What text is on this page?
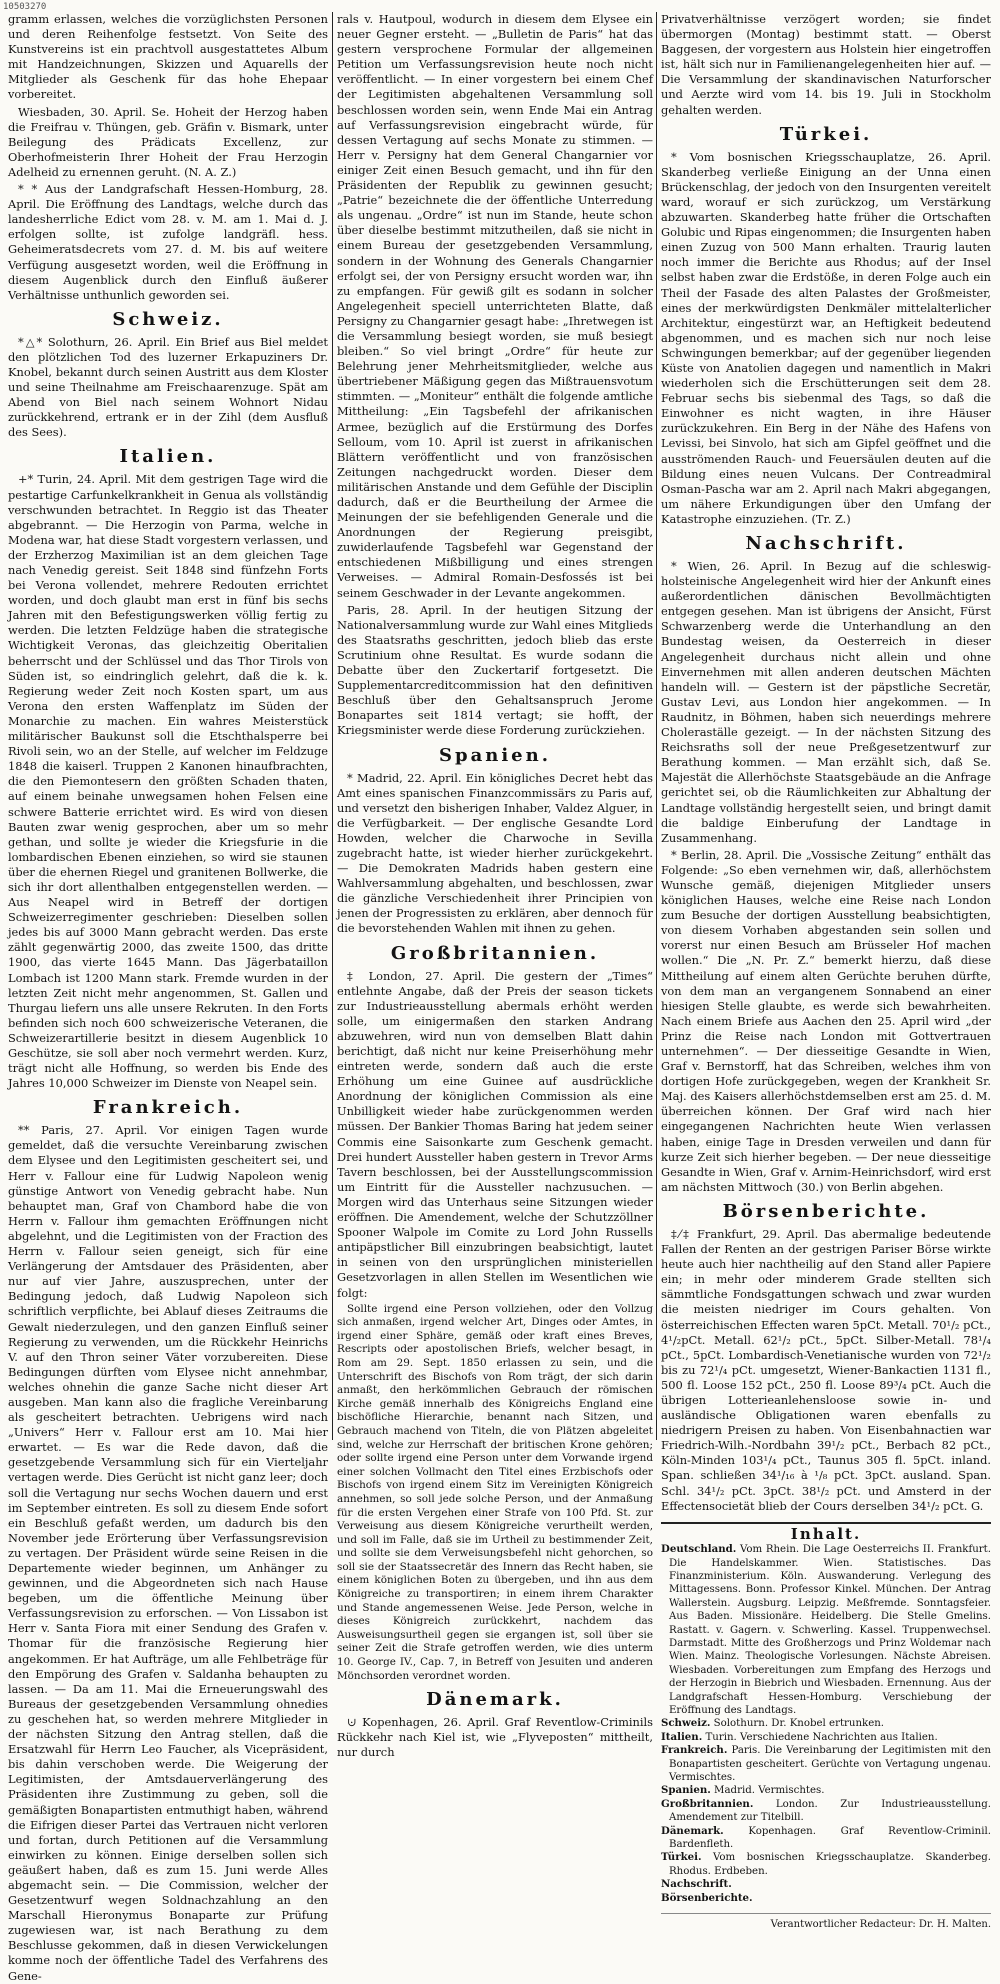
10503270

gramm erlassen, welches die vorzüglichsten Personen und deren Reihenfolge festsetzt. Von Seite des Kunstvereins ist ein prachtvoll ausgestattetes Album mit Handzeichnungen, Skizzen und Aquarells der Mitglieder als Geschenk für das hohe Ehepaar vorbereitet.

Wiesbaden, 30. April. Se. Hoheit der Herzog haben die Freifrau v. Thüngen, geb. Gräfin v. Bismark, unter Beilegung des Prädicats Excellenz, zur Oberhofmeisterin Ihrer Hoheit der Frau Herzogin Adelheid zu ernennen geruht. (N. A. Z.)

* * Aus der Landgrafschaft Hessen-Homburg, 28. April. Die Eröffnung des Landtags, welche durch das landesherrliche Edict vom 28. v. M. am 1. Mai d. J. erfolgen sollte, ist zufolge landgräfl. hess. Geheimeratsdecrets vom 27. d. M. bis auf weitere Verfügung ausgesetzt worden, weil die Eröffnung in diesem Augenblick durch den Einfluß äußerer Verhältnisse unthunlich geworden sei.

Schweiz.

*△* Solothurn, 26. April. Ein Brief aus Biel meldet den plötzlichen Tod des luzerner Erkapuziners Dr. Knobel, bekannt durch seinen Austritt aus dem Kloster und seine Theilnahme am Freischaarenzuge. Spät am Abend von Biel nach seinem Wohnort Nidau zurückkehrend, ertrank er in der Zihl (dem Ausfluß des Sees).

Italien.

+* Turin, 24. April. Mit dem gestrigen Tage wird die pestartige Carfunkelkrankheit in Genua als vollständig verschwunden betrachtet. In Reggio ist das Theater abgebrannt. — Die Herzogin von Parma, welche in Modena war, hat diese Stadt vorgestern verlassen, und der Erzherzog Maximilian ist an dem gleichen Tage nach Venedig gereist. Seit 1848 sind fünfzehn Forts bei Verona vollendet, mehrere Redouten errichtet worden, und doch glaubt man erst in fünf bis sechs Jahren mit den Befestigungswerken völlig fertig zu werden. Die letzten Feldzüge haben die strategische Wichtigkeit Veronas, das gleichzeitig Oberitalien beherrscht und der Schlüssel und das Thor Tirols von Süden ist, so eindringlich gelehrt, daß die k. k. Regierung weder Zeit noch Kosten spart, um aus Verona den ersten Waffenplatz im Süden der Monarchie zu machen. Ein wahres Meisterstück militärischer Baukunst soll die Etschthalsperre bei Rivoli sein, wo an der Stelle, auf welcher im Feldzuge 1848 die kaiserl. Truppen 2 Kanonen hinaufbrachten, die den Piemontesern den größten Schaden thaten, auf einem beinahe unwegsamen hohen Felsen eine schwere Batterie errichtet wird. Es wird von diesen Bauten zwar wenig gesprochen, aber um so mehr gethan, und sollte je wieder die Kriegsfurie in die lombardischen Ebenen einziehen, so wird sie staunen über die ehernen Riegel und granitenen Bollwerke, die sich ihr dort allenthalben entgegenstellen werden. — Aus Neapel wird in Betreff der dortigen Schweizerregimenter geschrieben: Dieselben sollen jedes bis auf 3000 Mann gebracht werden. Das erste zählt gegenwärtig 2000, das zweite 1500, das dritte 1900, das vierte 1645 Mann. Das Jägerbataillon Lombach ist 1200 Mann stark. Fremde wurden in der letzten Zeit nicht mehr angenommen, St. Gallen und Thurgau liefern uns alle unsere Rekruten. In den Forts befinden sich noch 600 schweizerische Veteranen, die Schweizerartillerie besitzt in diesem Augenblick 10 Geschütze, sie soll aber noch vermehrt werden. Kurz, trägt nicht alle Hoffnung, so werden bis Ende des Jahres 10,000 Schweizer im Dienste von Neapel sein.

Frankreich.

** Paris, 27. April. Vor einigen Tagen wurde gemeldet, daß die versuchte Vereinbarung zwischen dem Elysee und den Legitimisten gescheitert sei, und Herr v. Fallour eine für Ludwig Napoleon wenig günstige Antwort von Venedig gebracht habe. Nun behauptet man, Graf von Chambord habe die von Herrn v. Fallour ihm gemachten Eröffnungen nicht abgelehnt, und die Legitimisten von der Fraction des Herrn v. Fallour seien geneigt, sich für eine Verlängerung der Amtsdauer des Präsidenten, aber nur auf vier Jahre, auszusprechen, unter der Bedingung jedoch, daß Ludwig Napoleon sich schriftlich verpflichte, bei Ablauf dieses Zeitraums die Gewalt niederzulegen, und den ganzen Einfluß seiner Regierung zu verwenden, um die Rückkehr Heinrichs V. auf den Thron seiner Väter vorzubereiten. Diese Bedingungen dürften vom Elysee nicht annehmbar, welches ohnehin die ganze Sache nicht dieser Art ausgeben. Man kann also die fragliche Vereinbarung als gescheitert betrachten. Uebrigens wird nach „Univers“ Herr v. Fallour erst am 10. Mai hier erwartet. — Es war die Rede davon, daß die gesetzgebende Versammlung sich für ein Vierteljahr vertagen werde. Dies Gerücht ist nicht ganz leer; doch soll die Vertagung nur sechs Wochen dauern und erst im September eintreten. Es soll zu diesem Ende sofort ein Beschluß gefaßt werden, um dadurch bis den November jede Erörterung über Verfassungsrevision zu vertagen. Der Präsident würde seine Reisen in die Departemente wieder beginnen, um Anhänger zu gewinnen, und die Abgeordneten sich nach Hause begeben, um die öffentliche Meinung über Verfassungsrevision zu erforschen. — Von Lissabon ist Herr v. Santa Fiora mit einer Sendung des Grafen v. Thomar für die französische Regierung hier angekommen. Er hat Aufträge, um alle Fehlbeträge für den Empörung des Grafen v. Saldanha behaupten zu lassen. — Da am 11. Mai die Erneuerungswahl des Bureaus der gesetzgebenden Versammlung ohnedies zu geschehen hat, so werden mehrere Mitglieder in der nächsten Sitzung den Antrag stellen, daß die Ersatzwahl für Herrn Leo Faucher, als Vicepräsident, bis dahin verschoben werde. Die Weigerung der Legitimisten, der Amtsdauerverlängerung des Präsidenten ihre Zustimmung zu geben, soll die gemäßigten Bonapartisten entmuthigt haben, während die Eifrigen dieser Partei das Vertrauen nicht verloren und fortan, durch Petitionen auf die Versammlung einwirken zu können. Einige derselben sollen sich geäußert haben, daß es zum 15. Juni werde Alles abgemacht sein. — Die Commission, welcher der Gesetzentwurf wegen Soldnachzahlung an den Marschall Hieronymus Bonaparte zur Prüfung zugewiesen war, ist nach Berathung zu dem Beschlusse gekommen, daß in diesen Verwickelungen komme noch der öffentliche Tadel des Verfahrens des Gene-

rals v. Hautpoul, wodurch in diesem dem Elysee ein neuer Gegner ersteht. — „Bulletin de Paris“ hat das gestern versprochene Formular der allgemeinen Petition um Verfassungsrevision heute noch nicht veröffentlicht. — In einer vorgestern bei einem Chef der Legitimisten abgehaltenen Versammlung soll beschlossen worden sein, wenn Ende Mai ein Antrag auf Verfassungsrevision eingebracht würde, für dessen Vertagung auf sechs Monate zu stimmen. — Herr v. Persigny hat dem General Changarnier vor einiger Zeit einen Besuch gemacht, und ihn für den Präsidenten der Republik zu gewinnen gesucht; „Patrie“ bezeichnete die der öffentliche Unterredung als ungenau. „Ordre“ ist nun im Stande, heute schon über dieselbe bestimmt mitzutheilen, daß sie nicht in einem Bureau der gesetzgebenden Versammlung, sondern in der Wohnung des Generals Changarnier erfolgt sei, der von Persigny ersucht worden war, ihn zu empfangen. Für gewiß gilt es sodann in solcher Angelegenheit speciell unterrichteten Blatte, daß Persigny zu Changarnier gesagt habe: „Ihretwegen ist die Versammlung besiegt worden, sie muß besiegt bleiben.“ So viel bringt „Ordre“ für heute zur Belehrung jener Mehrheitsmitglieder, welche aus übertriebener Mäßigung gegen das Mißtrauensvotum stimmten. — „Moniteur“ enthält die folgende amtliche Mittheilung: „Ein Tagsbefehl der afrikanischen Armee, bezüglich auf die Erstürmung des Dorfes Selloum, vom 10. April ist zuerst in afrikanischen Blättern veröffentlicht und von französischen Zeitungen nachgedruckt worden. Dieser dem militärischen Anstande und dem Gefühle der Disciplin dadurch, daß er die Beurtheilung der Armee die Meinungen der sie befehligenden Generale und die Anordnungen der Regierung preisgibt, zuwiderlaufende Tagsbefehl war Gegenstand der entschiedenen Mißbilligung und eines strengen Verweises. — Admiral Romain-Desfossés ist bei seinem Geschwader in der Levante angekommen.

Paris, 28. April. In der heutigen Sitzung der Nationalversammlung wurde zur Wahl eines Mitglieds des Staatsraths geschritten, jedoch blieb das erste Scrutinium ohne Resultat. Es wurde sodann die Debatte über den Zuckertarif fortgesetzt. Die Supplementarcreditcommission hat den definitiven Beschluß über den Gehaltsanspruch Jerome Bonapartes seit 1814 vertagt; sie hofft, der Kriegsminister werde diese Forderung zurückziehen.

Spanien.

* Madrid, 22. April. Ein königliches Decret hebt das Amt eines spanischen Finanzcommissärs zu Paris auf, und versetzt den bisherigen Inhaber, Valdez Alguer, in die Verfügbarkeit. — Der englische Gesandte Lord Howden, welcher die Charwoche in Sevilla zugebracht hatte, ist wieder hierher zurückgekehrt. — Die Demokraten Madrids haben gestern eine Wahlversammlung abgehalten, und beschlossen, zwar die gänzliche Verschiedenheit ihrer Principien von jenen der Progressisten zu erklären, aber dennoch für die bevorstehenden Wahlen mit ihnen zu gehen.

Großbritannien.

‡ London, 27. April. Die gestern der „Times“ entlehnte Angabe, daß der Preis der season tickets zur Industrieausstellung abermals erhöht werden solle, um einigermaßen den starken Andrang abzuwehren, wird nun von demselben Blatt dahin berichtigt, daß nicht nur keine Preiserhöhung mehr eintreten werde, sondern daß auch die erste Erhöhung um eine Guinee auf ausdrückliche Anordnung der königlichen Commission als eine Unbilligkeit wieder habe zurückgenommen werden müssen. Der Bankier Thomas Baring hat jedem seiner Commis eine Saisonkarte zum Geschenk gemacht. Drei hundert Aussteller haben gestern in Trevor Arms Tavern beschlossen, bei der Ausstellungscommission um Eintritt für die Aussteller nachzusuchen. — Morgen wird das Unterhaus seine Sitzungen wieder eröffnen. Die Amendement, welche der Schutzzöllner Spooner Walpole im Comite zu Lord John Russells antipäpstlicher Bill einzubringen beabsichtigt, lautet in seinen von den ursprünglichen ministeriellen Gesetzvorlagen in allen Stellen im Wesentlichen wie folgt:

Sollte irgend eine Person vollziehen, oder den Vollzug sich anmaßen, irgend welcher Art, Dinges oder Amtes, in irgend einer Sphäre, gemäß oder kraft eines Breves, Rescripts oder apostolischen Briefs, welcher besagt, in Rom am 29. Sept. 1850 erlassen zu sein, und die Unterschrift des Bischofs von Rom trägt, der sich darin anmaßt, den herkömmlichen Gebrauch der römischen Kirche gemäß innerhalb des Königreichs England eine bischöfliche Hierarchie, benannt nach Sitzen, und Gebrauch machend von Titeln, die von Plätzen abgeleitet sind, welche zur Herrschaft der britischen Krone gehören; oder sollte irgend eine Person unter dem Vorwande irgend einer solchen Vollmacht den Titel eines Erzbischofs oder Bischofs von irgend einem Sitz im Vereinigten Königreich annehmen, so soll jede solche Person, und der Anmaßung für die ersten Vergehen einer Strafe von 100 Pfd. St. zur Verweisung aus diesem Königreiche verurtheilt werden, und soll im Falle, daß sie im Urtheil zu bestimmender Zeit, und sollte sie dem Verweisungsbefehl nicht gehorchen, so soll sie der Staatssecretär des Innern das Recht haben, sie einem königlichen Boten zu übergeben, und ihn aus dem Königreiche zu transportiren; in einem ihrem Charakter und Stande angemessenen Weise. Jede Person, welche in dieses Königreich zurückkehrt, nachdem das Ausweisungsurtheil gegen sie ergangen ist, soll über sie seiner Zeit die Strafe getroffen werden, wie dies unterm 10. George IV., Cap. 7, in Betreff von Jesuiten und anderen Mönchsorden verordnet worden.

Dänemark.

⊍ Kopenhagen, 26. April. Graf Reventlow-Criminils Rückkehr nach Kiel ist, wie „Flyveposten“ mittheilt, nur durch

Privatverhältnisse verzögert worden; sie findet übermorgen (Montag) bestimmt statt. — Oberst Baggesen, der vorgestern aus Holstein hier eingetroffen ist, hält sich nur in Familienangelegenheiten hier auf. — Die Versammlung der skandinavischen Naturforscher und Aerzte wird vom 14. bis 19. Juli in Stockholm gehalten werden.

Türkei.

* Vom bosnischen Kriegsschauplatze, 26. April. Skanderbeg verließe Einigung an der Unna einen Brückenschlag, der jedoch von den Insurgenten vereitelt ward, worauf er sich zurückzog, um Verstärkung abzuwarten. Skanderbeg hatte früher die Ortschaften Golubic und Ripas eingenommen; die Insurgenten haben einen Zuzug von 500 Mann erhalten. Traurig lauten noch immer die Berichte aus Rhodus; auf der Insel selbst haben zwar die Erdstöße, in deren Folge auch ein Theil der Fasade des alten Palastes der Großmeister, eines der merkwürdigsten Denkmäler mittelalterlicher Architektur, eingestürzt war, an Heftigkeit bedeutend abgenommen, und es machen sich nur noch leise Schwingungen bemerkbar; auf der gegenüber liegenden Küste von Anatolien dagegen und namentlich in Makri wiederholen sich die Erschütterungen seit dem 28. Februar sechs bis siebenmal des Tags, so daß die Einwohner es nicht wagten, in ihre Häuser zurückzukehren. Ein Berg in der Nähe des Hafens von Levissi, bei Sinvolo, hat sich am Gipfel geöffnet und die ausströmenden Rauch- und Feuersäulen deuten auf die Bildung eines neuen Vulcans. Der Contreadmiral Osman-Pascha war am 2. April nach Makri abgegangen, um nähere Erkundigungen über den Umfang der Katastrophe einzuziehen. (Tr. Z.)

Nachschrift.

* Wien, 26. April. In Bezug auf die schleswig-holsteinische Angelegenheit wird hier der Ankunft eines außerordentlichen dänischen Bevollmächtigten entgegen gesehen. Man ist übrigens der Ansicht, Fürst Schwarzenberg werde die Unterhandlung an den Bundestag weisen, da Oesterreich in dieser Angelegenheit durchaus nicht allein und ohne Einvernehmen mit allen anderen deutschen Mächten handeln will. — Gestern ist der päpstliche Secretär, Gustav Levi, aus London hier angekommen. — In Raudnitz, in Böhmen, haben sich neuerdings mehrere Choleraställe gezeigt. — In der nächsten Sitzung des Reichsraths soll der neue Preßgesetzentwurf zur Berathung kommen. — Man erzählt sich, daß Se. Majestät die Allerhöchste Staatsgebäude an die Anfrage gerichtet sei, ob die Räumlichkeiten zur Abhaltung der Landtage vollständig hergestellt seien, und bringt damit die baldige Einberufung der Landtage in Zusammenhang.

* Berlin, 28. April. Die „Vossische Zeitung“ enthält das Folgende: „So eben vernehmen wir, daß, allerhöchstem Wunsche gemäß, diejenigen Mitglieder unsers königlichen Hauses, welche eine Reise nach London zum Besuche der dortigen Ausstellung beabsichtigten, von diesem Vorhaben abgestanden sein sollen und vorerst nur einen Besuch am Brüsseler Hof machen wollen.“ Die „N. Pr. Z.“ bemerkt hierzu, daß diese Mittheilung auf einem alten Gerüchte beruhen dürfte, von dem man an vergangenem Sonnabend an einer hiesigen Stelle glaubte, es werde sich bewahrheiten. Nach einem Briefe aus Aachen den 25. April wird „der Prinz die Reise nach London mit Gottvertrauen unternehmen“. — Der diesseitige Gesandte in Wien, Graf v. Bernstorff, hat das Schreiben, welches ihm von dortigen Hofe zurückgegeben, wegen der Krankheit Sr. Maj. des Kaisers allerhöchstdemselben erst am 25. d. M. überreichen können. Der Graf wird nach hier eingegangenen Nachrichten heute Wien verlassen haben, einige Tage in Dresden verweilen und dann für kurze Zeit sich hierher begeben. — Der neue diesseitige Gesandte in Wien, Graf v. Arnim-Heinrichsdorf, wird erst am nächsten Mittwoch (30.) von Berlin abgehen.

Börsenberichte.

‡⁄‡ Frankfurt, 29. April. Das abermalige bedeutende Fallen der Renten an der gestrigen Pariser Börse wirkte heute auch hier nachtheilig auf den Stand aller Papiere ein; in mehr oder minderem Grade stellten sich sämmtliche Fondsgattungen schwach und zwar wurden die meisten niedriger im Cours gehalten. Von österreichischen Effecten waren 5pCt. Metall. 70¹/₂ pCt., 4¹/₂pCt. Metall. 62¹/₂ pCt., 5pCt. Silber-Metall. 78¹/₄ pCt., 5pCt. Lombardisch-Venetianische wurden von 72¹/₂ bis zu 72¹/₄ pCt. umgesetzt, Wiener-Bankactien 1131 fl., 500 fl. Loose 152 pCt., 250 fl. Loose 89³/₄ pCt. Auch die übrigen Lotterieanlehensloose sowie in- und ausländische Obligationen waren ebenfalls zu niedrigern Preisen zu haben. Von Eisenbahnactien war Friedrich-Wilh.-Nordbahn 39¹/₂ pCt., Berbach 82 pCt., Köln-Minden 103¹/₄ pCt., Taunus 305 fl. 5pCt. inland. Span. schließen 34¹/₁₆ à ¹/₈ pCt. 3pCt. ausland. Span. Schl. 34¹/₂ pCt. 3pCt. 38¹/₂ pCt. und Amsterd in der Effectensocietät blieb der Cours derselben 34¹/₂ pCt. G.

Inhalt.

Deutschland. Vom Rhein. Die Lage Oesterreichs II. Frankfurt. Die Handelskammer. Wien. Statistisches. Das Finanzministerium. Köln. Auswanderung. Verlegung des Mittagessens. Bonn. Professor Kinkel. München. Der Antrag Wallerstein. Augsburg. Leipzig. Meßfremde. Sonntagsfeier. Aus Baden. Missionäre. Heidelberg. Die Stelle Gmelins. Rastatt. v. Gagern. v. Schwerling. Kassel. Truppenwechsel. Darmstadt. Mitte des Großherzogs und Prinz Woldemar nach Wien. Mainz. Theologische Vorlesungen. Nächste Abreisen. Wiesbaden. Vorbereitungen zum Empfang des Herzogs und der Herzogin in Biebrich und Wiesbaden. Ernennung. Aus der Landgrafschaft Hessen-Homburg. Verschiebung der Eröffnung des Landtags.

Schweiz. Solothurn. Dr. Knobel ertrunken.

Italien. Turin. Verschiedene Nachrichten aus Italien.

Frankreich. Paris. Die Vereinbarung der Legitimisten mit den Bonapartisten gescheitert. Gerüchte von Vertagung ungenau. Vermischtes.

Spanien. Madrid. Vermischtes.

Großbritannien. London. Zur Industrieausstellung. Amendement zur Titelbill.

Dänemark. Kopenhagen. Graf Reventlow-Criminil. Bardenfleth.

Türkei. Vom bosnischen Kriegsschauplatze. Skanderbeg. Rhodus. Erdbeben.

Nachschrift.

Börsenberichte.

Verantwortlicher Redacteur: Dr. H. Malten.
